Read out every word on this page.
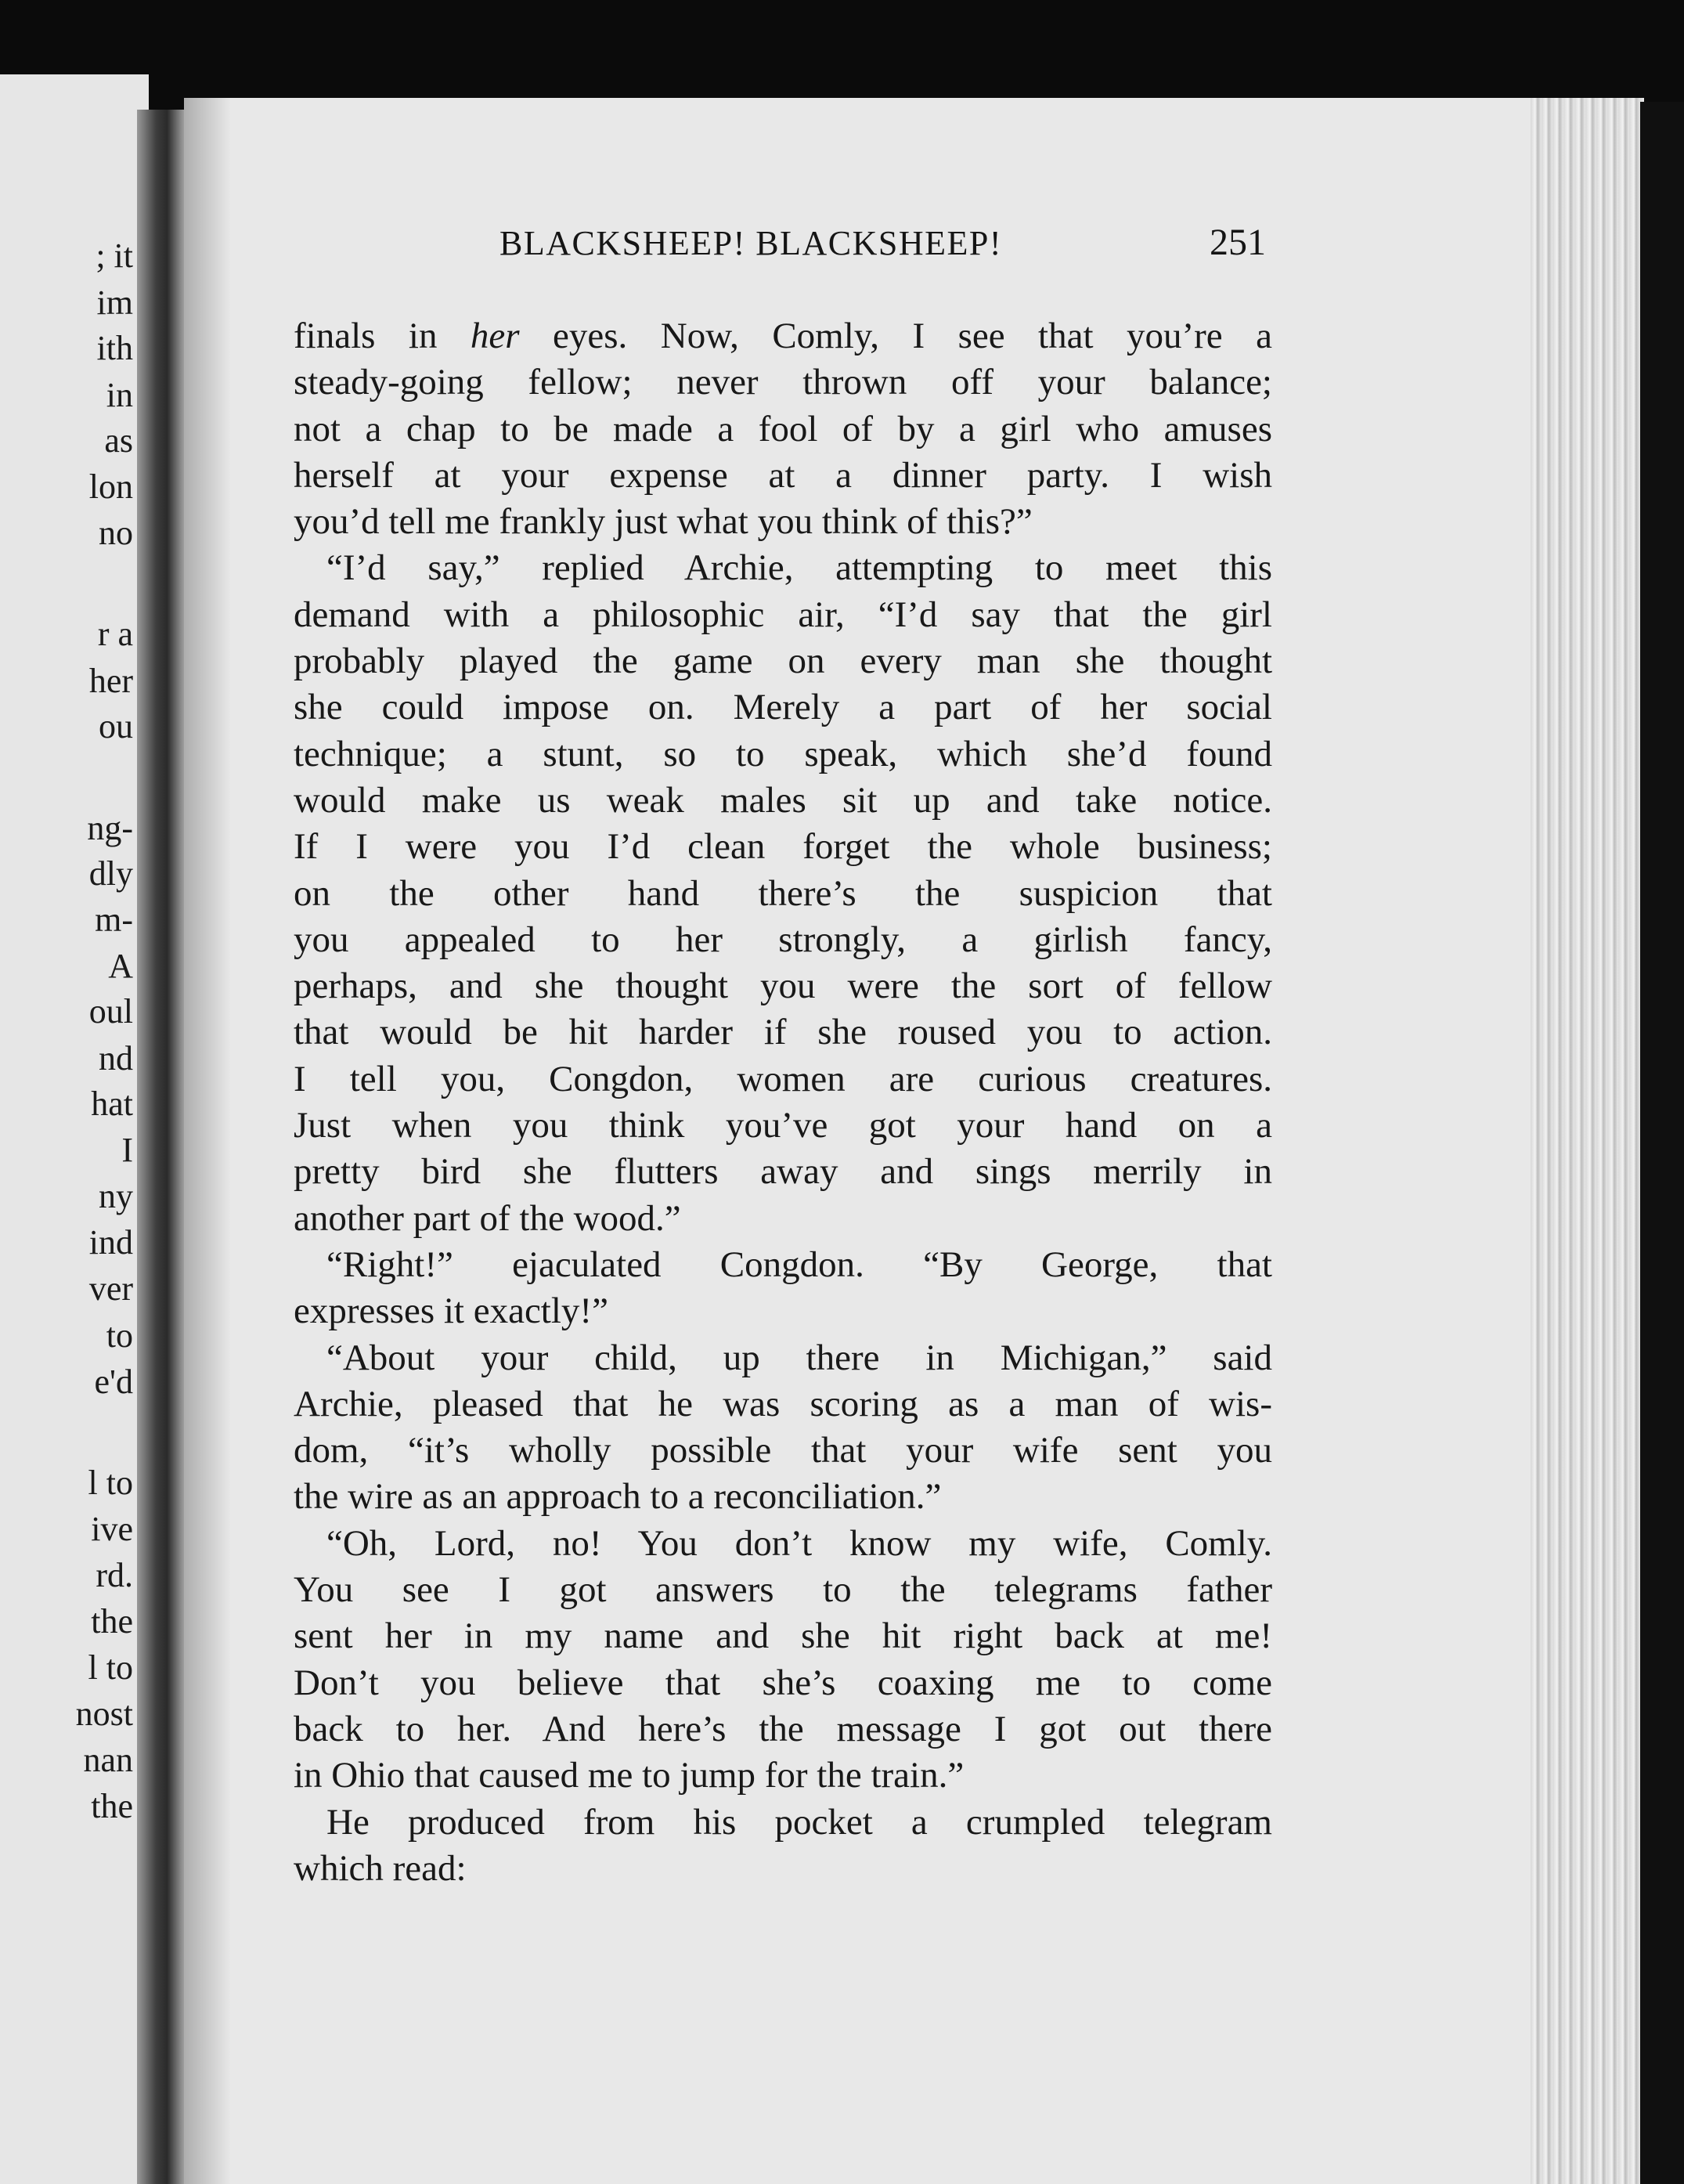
; it
im
ith
in
as
lon
no
r a
her
ou
ng-
dly
m-
A
oul
nd
hat
I
ny
ind
ver
to
e'd
l to
ive
rd.
the
l to
nost
nan
the
BLACKSHEEP! BLACKSHEEP!	251
finals in her eyes. Now, Comly, I see that you’re a
steady-going fellow; never thrown off your balance;
not a chap to be made a fool of by a girl who amuses
herself at your expense at a dinner party. I wish
you’d tell me frankly just what you think of this?”
“I’d say,” replied Archie, attempting to meet this
demand with a philosophic air, “I’d say that the girl
probably played the game on every man she thought
she could impose on. Merely a part of her social
technique; a stunt, so to speak, which she’d found
would make us weak males sit up and take notice.
If I were you I’d clean forget the whole business;
on the other hand there’s the suspicion that
you appealed to her strongly, a girlish fancy,
perhaps, and she thought you were the sort of fellow
that would be hit harder if she roused you to action.
I tell you, Congdon, women are curious creatures.
Just when you think you’ve got your hand on a
pretty bird she flutters away and sings merrily in
another part of the wood.”
“Right!” ejaculated Congdon. “By George, that
expresses it exactly!”
“About your child, up there in Michigan,” said
Archie, pleased that he was scoring as a man of wis-
dom, “it’s wholly possible that your wife sent you
the wire as an approach to a reconciliation.”
“Oh, Lord, no! You don’t know my wife, Comly.
You see I got answers to the telegrams father
sent her in my name and she hit right back at me!
Don’t you believe that she’s coaxing me to come
back to her. And here’s the message I got out there
in Ohio that caused me to jump for the train.”
He produced from his pocket a crumpled telegram
which read:
